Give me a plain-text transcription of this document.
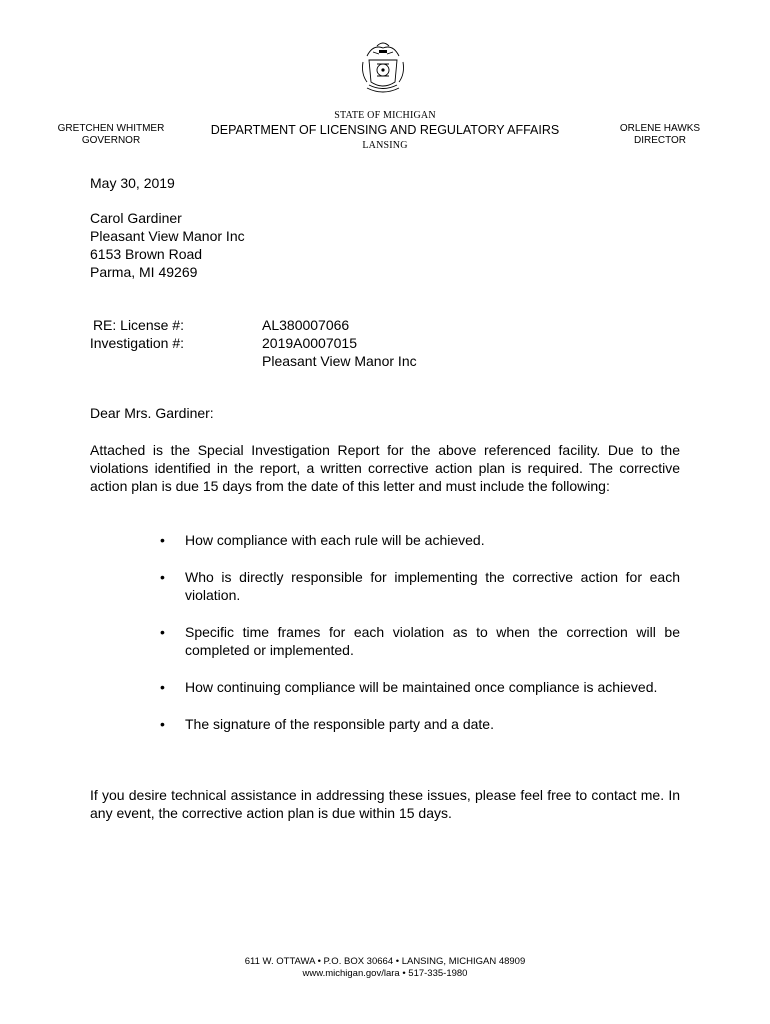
STATE OF MICHIGAN
DEPARTMENT OF LICENSING AND REGULATORY AFFAIRS
LANSING
GRETCHEN WHITMER
GOVERNOR
ORLENE HAWKS
DIRECTOR
May 30, 2019
Carol Gardiner
Pleasant View Manor Inc
6153 Brown Road
Parma, MI 49269
RE: License #:	AL380007066
Investigation #:	2019A0007015
Pleasant View Manor Inc
Dear Mrs. Gardiner:
Attached is the Special Investigation Report for the above referenced facility. Due to the violations identified in the report, a written corrective action plan is required. The corrective action plan is due 15 days from the date of this letter and must include the following:
• How compliance with each rule will be achieved.
• Who is directly responsible for implementing the corrective action for each violation.
• Specific time frames for each violation as to when the correction will be completed or implemented.
• How continuing compliance will be maintained once compliance is achieved.
• The signature of the responsible party and a date.
If you desire technical assistance in addressing these issues, please feel free to contact me. In any event, the corrective action plan is due within 15 days.
611 W. OTTAWA • P.O. BOX 30664 • LANSING, MICHIGAN 48909
www.michigan.gov/lara • 517-335-1980
